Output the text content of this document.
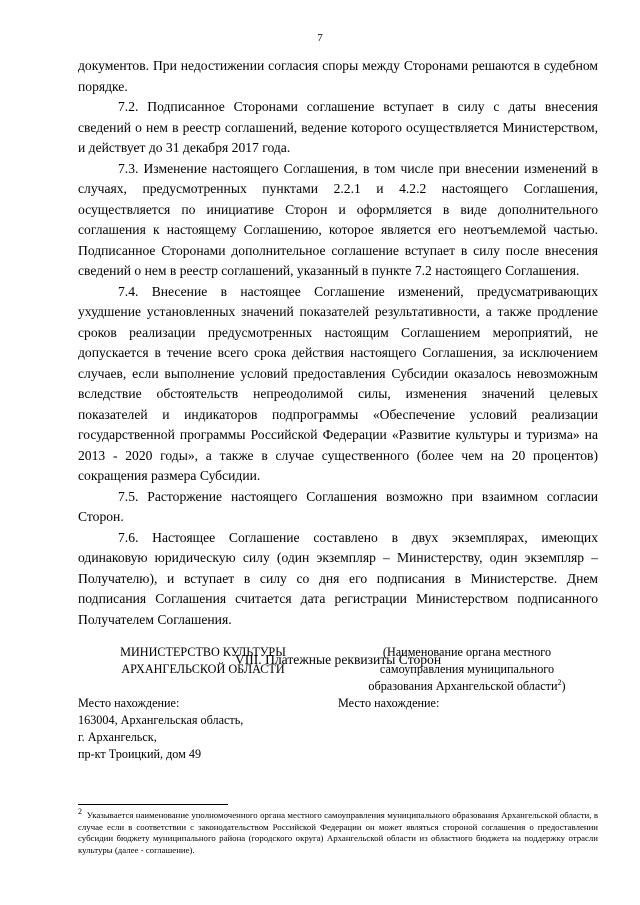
7

документов. При недостижении согласия споры между Сторонами решаются в судебном порядке.

7.2. Подписанное Сторонами соглашение вступает в силу с даты внесения сведений о нем в реестр соглашений, ведение которого осуществляется Министерством, и действует до 31 декабря 2017 года.

7.3. Изменение настоящего Соглашения, в том числе при внесении изменений в случаях, предусмотренных пунктами 2.2.1 и 4.2.2 настоящего Соглашения, осуществляется по инициативе Сторон и оформляется в виде дополнительного соглашения к настоящему Соглашению, которое является его неотъемлемой частью. Подписанное Сторонами дополнительное соглашение вступает в силу после внесения сведений о нем в реестр соглашений, указанный в пункте 7.2 настоящего Соглашения.

7.4. Внесение в настоящее Соглашение изменений, предусматривающих ухудшение установленных значений показателей результативности, а также продление сроков реализации предусмотренных настоящим Соглашением мероприятий, не допускается в течение всего срока действия настоящего Соглашения, за исключением случаев, если выполнение условий предоставления Субсидии оказалось невозможным вследствие обстоятельств непреодолимой силы, изменения значений целевых показателей и индикаторов подпрограммы «Обеспечение условий реализации государственной программы Российской Федерации «Развитие культуры и туризма» на 2013 - 2020 годы», а также в случае существенного (более чем на 20 процентов) сокращения размера Субсидии.

7.5. Расторжение настоящего Соглашения возможно при взаимном согласии Сторон.

7.6. Настоящее Соглашение составлено в двух экземплярах, имеющих одинаковую юридическую силу (один экземпляр – Министерству, один экземпляр – Получателю), и вступает в силу со дня его подписания в Министерстве. Днем подписания Соглашения считается дата регистрации Министерством подписанного Получателем Соглашения.

VIII. Платежные реквизиты Сторон

МИНИСТЕРСТВО КУЛЬТУРЫ
АРХАНГЕЛЬСКОЙ ОБЛАСТИ
Место нахождение:
163004, Архангельская область,
г. Архангельск,
пр-кт Троицкий, дом 49
(Наименование органа местного
самоуправления муниципального
образования Архангельской области$^2$)
Место нахождение:
$^2$ Указывается наименование уполномоченного органа местного самоуправления муниципального образования Архангельской области, в случае если в соответствии с законодательством Российской Федерации он может являться стороной соглашения о предоставлении субсидии бюджету муниципального района (городского округа) Архангельской области из областного бюджета на поддержку отрасли культуры (далее - соглашение).
